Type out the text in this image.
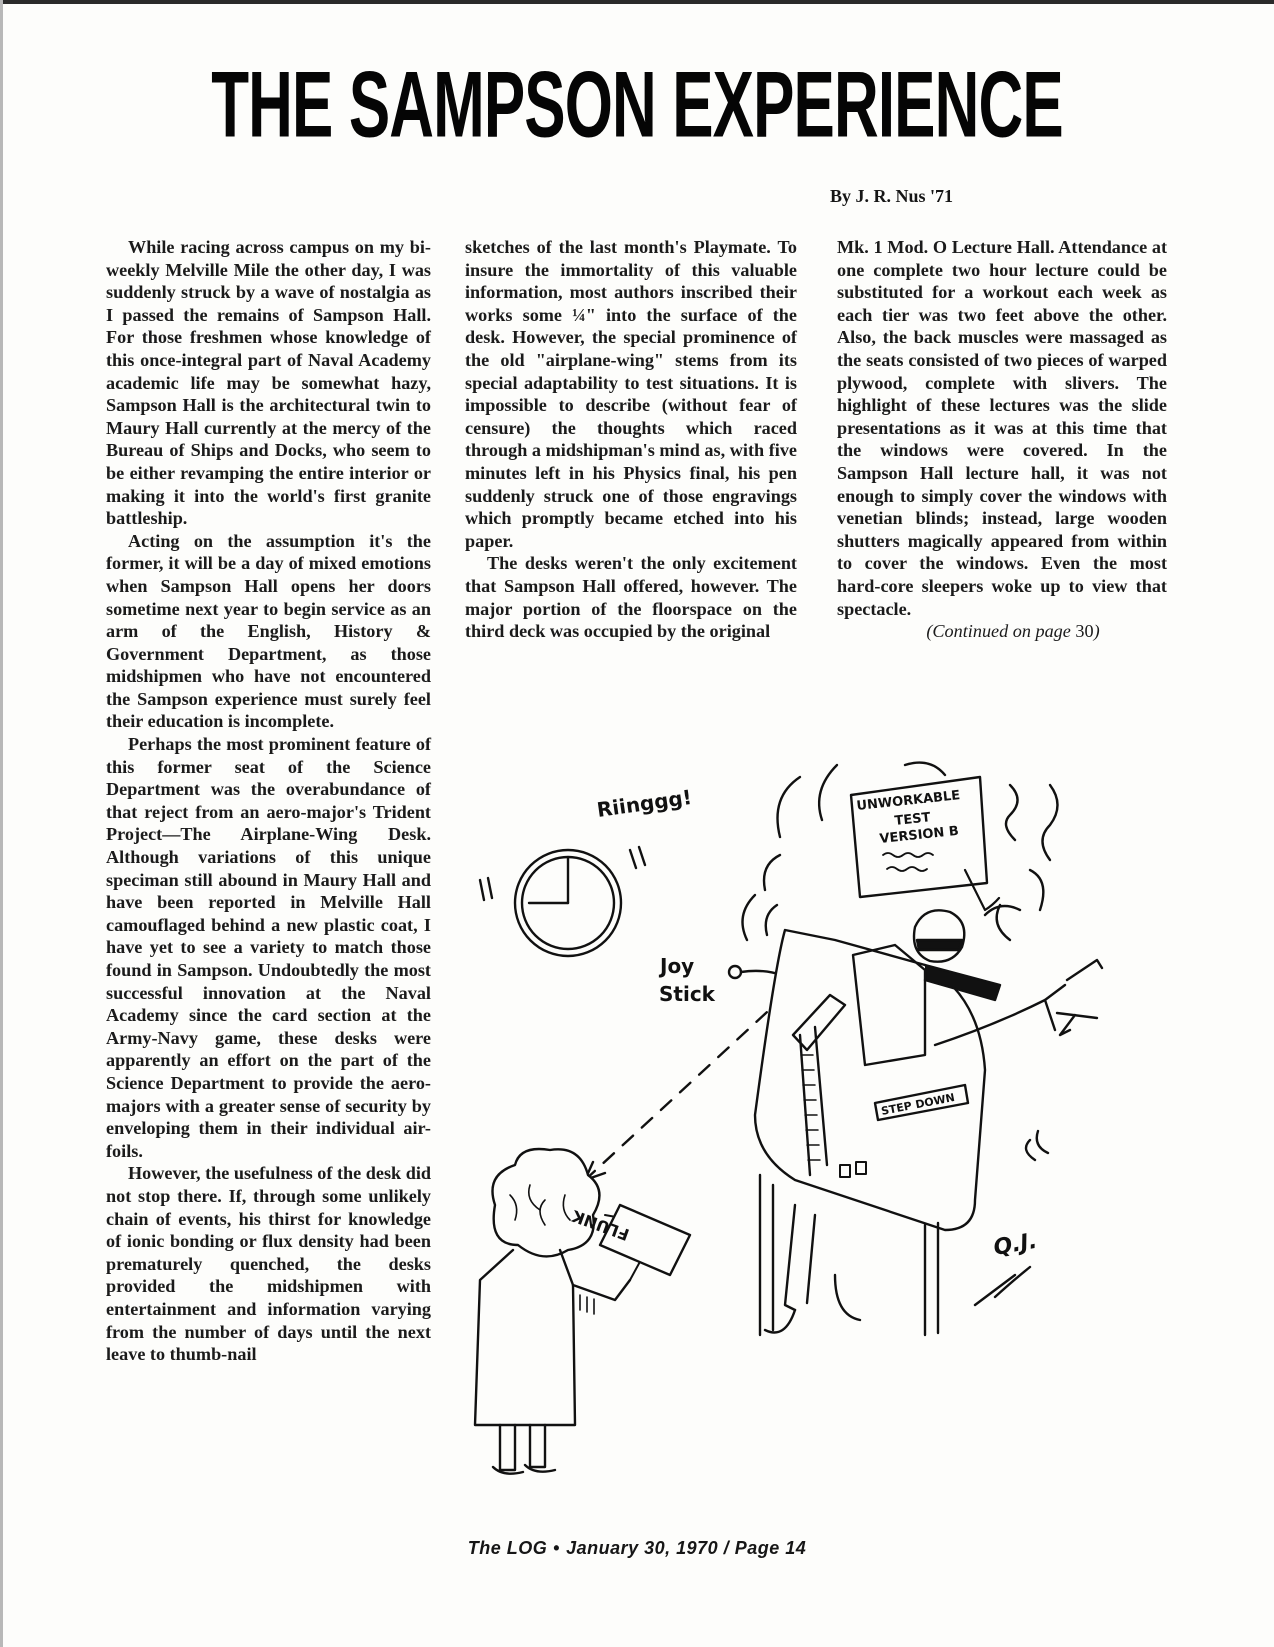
THE SAMPSON EXPERIENCE
By J. R. Nus '71

While racing across campus on my bi-weekly Melville Mile the other day, I was suddenly struck by a wave of nostalgia as I passed the remains of Sampson Hall. For those freshmen whose knowledge of this once-integral part of Naval Academy academic life may be somewhat hazy, Sampson Hall is the architectural twin to Maury Hall currently at the mercy of the Bureau of Ships and Docks, who seem to be either revamping the entire interior or making it into the world's first granite battleship.

Acting on the assumption it's the former, it will be a day of mixed emotions when Sampson Hall opens her doors sometime next year to begin service as an arm of the English, History & Government Department, as those midshipmen who have not encountered the Sampson experience must surely feel their education is incomplete.

Perhaps the most prominent feature of this former seat of the Science Department was the overabundance of that reject from an aero-major's Trident Project—The Airplane-Wing Desk. Although variations of this unique speciman still abound in Maury Hall and have been reported in Melville Hall camouflaged behind a new plastic coat, I have yet to see a variety to match those found in Sampson. Undoubtedly the most successful innovation at the Naval Academy since the card section at the Army-Navy game, these desks were apparently an effort on the part of the Science Department to provide the aero-majors with a greater sense of security by enveloping them in their individual air-foils.

However, the usefulness of the desk did not stop there. If, through some unlikely chain of events, his thirst for knowledge of ionic bonding or flux density had been prematurely quenched, the desks provided the midshipmen with entertainment and information varying from the number of days until the next leave to thumb-nail

sketches of the last month's Playmate. To insure the immortality of this valuable information, most authors inscribed their works some ¼" into the surface of the desk. However, the special prominence of the old "airplane-wing" stems from its special adaptability to test situations. It is impossible to describe (without fear of censure) the thoughts which raced through a midshipman's mind as, with five minutes left in his Physics final, his pen suddenly struck one of those engravings which promptly became etched into his paper.

The desks weren't the only excitement that Sampson Hall offered, however. The major portion of the floorspace on the third deck was occupied by the original

Mk. 1 Mod. O Lecture Hall. Attendance at one complete two hour lecture could be substituted for a workout each week as each tier was two feet above the other. Also, the back muscles were massaged as the seats consisted of two pieces of warped plywood, complete with slivers. The highlight of these lectures was the slide presentations as it was at this time that the windows were covered. In the Sampson Hall lecture hall, it was not enough to simply cover the windows with venetian blinds; instead, large wooden shutters magically appeared from within to cover the windows. Even the most hard-core sleepers woke up to view that spectacle.

(Continued on page 30)

Riinggg!	UNWORKABLE
TEST
VERSION B
Joy
Stick
STEP DOWN
FLUNK
Q.J.
The LOG • January 30, 1970 / Page 14
